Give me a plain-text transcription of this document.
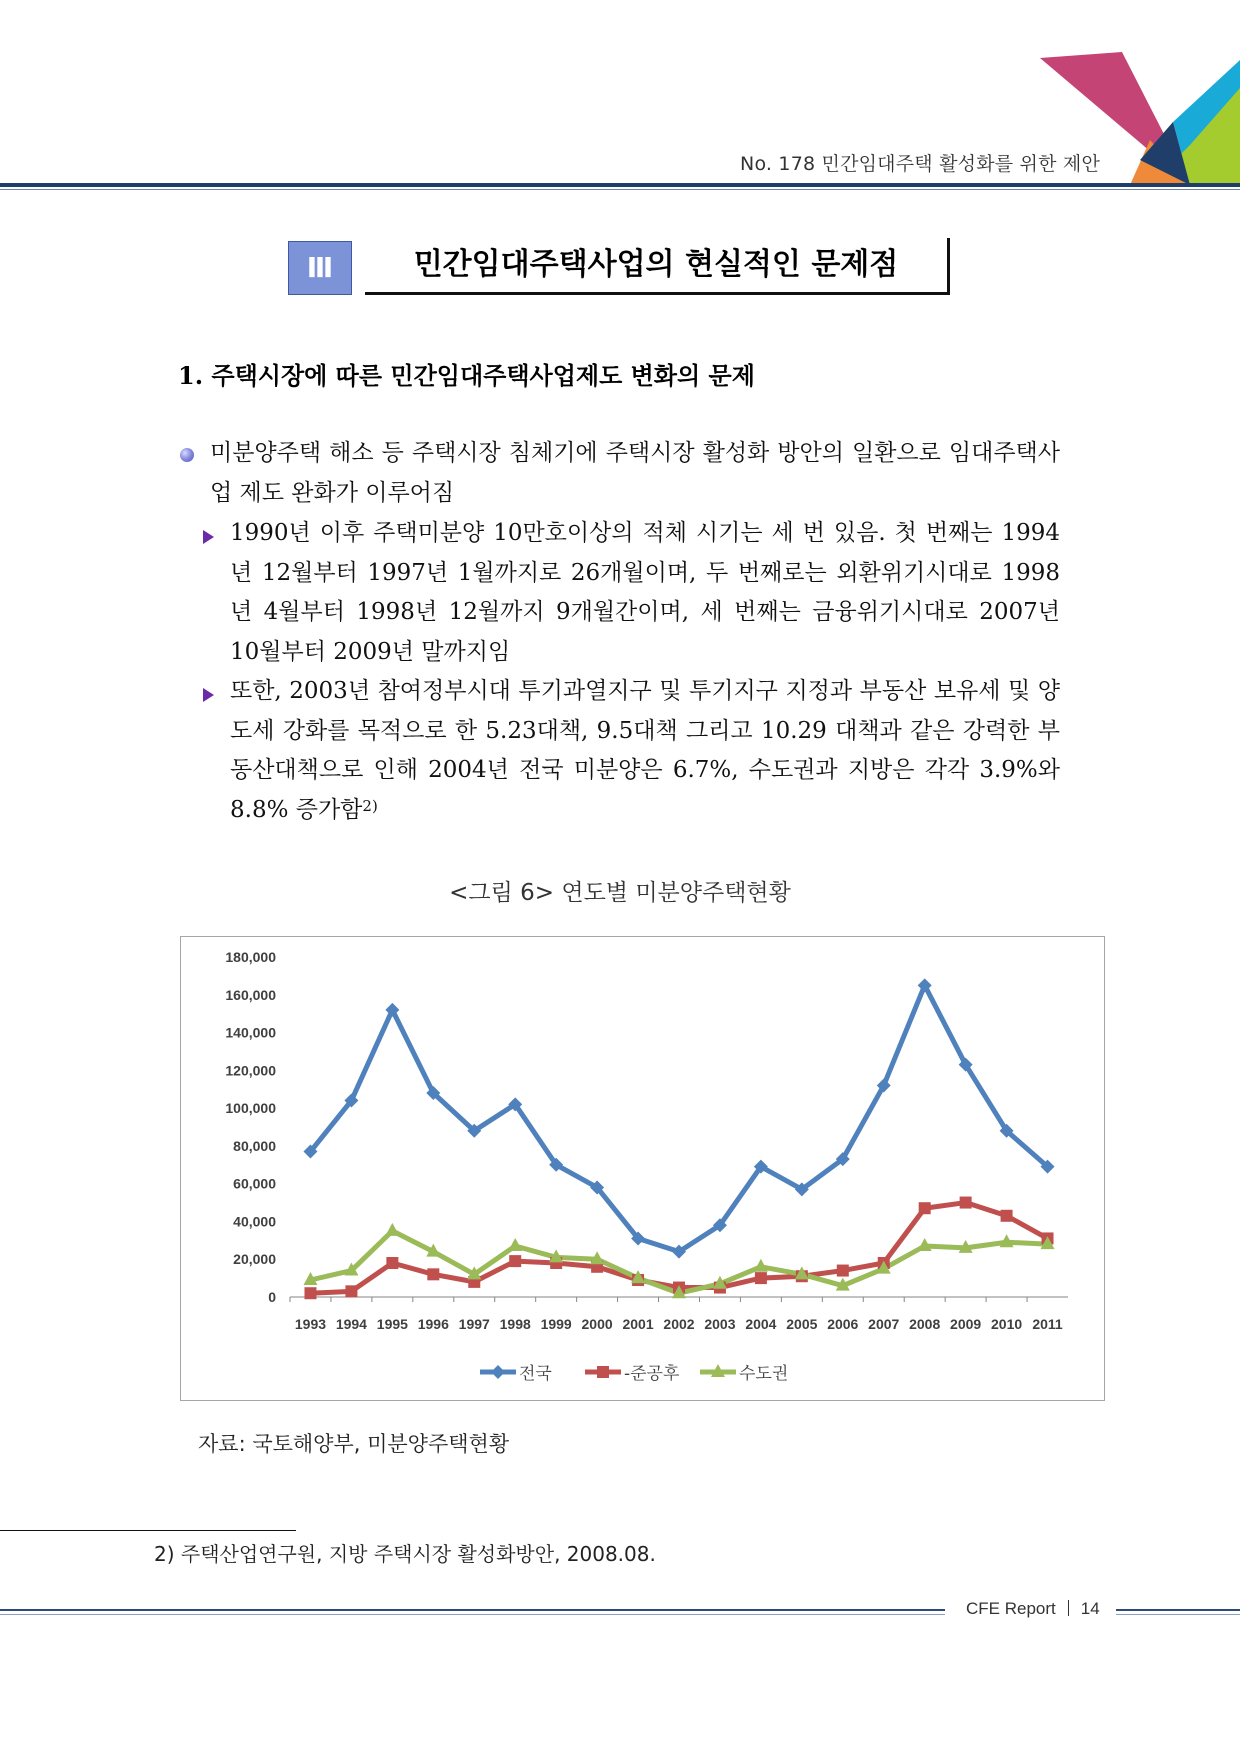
No. 178 민간임대주택 활성화를 위한 제안
Ⅲ	민간임대주택사업의 현실적인 문제점
1. 주택시장에 따른 민간임대주택사업제도 변화의 문제
미분양주택 해소 등 주택시장 침체기에 주택시장 활성화 방안의 일환으로 임대주택사업 제도 완화가 이루어짐
1990년 이후 주택미분양 10만호이상의 적체 시기는 세 번 있음. 첫 번째는 1994년 12월부터 1997년 1월까지로 26개월이며, 두 번째로는 외환위기시대로 1998년 4월부터 1998년 12월까지 9개월간이며, 세 번째는 금융위기시대로 2007년 10월부터 2009년 말까지임
또한, 2003년 참여정부시대 투기과열지구 및 투기지구 지정과 부동산 보유세 및 양도세 강화를 목적으로 한 5.23대책, 9.5대책 그리고 10.29 대책과 같은 강력한 부동산대책으로 인해 2004년 전국 미분양은 6.7%, 수도권과 지방은 각각 3.9%와 8.8% 증가함$^{2)}$
<그림 6> 연도별 미분양주택현황
180,000
160,000
140,000
120,000
100,000
80,000
60,000
40,000
20,000
0
1993 1994 1995 1996 1997 1998 1999 2000 2001 2002 2003 2004 2005 2006 2007 2008 2009 2010 2011
전국	-준공후	수도권
자료: 국토해양부, 미분양주택현황
2) 주택산업연구원, 지방 주택시장 활성화방안, 2008.08.
CFE Report 14
